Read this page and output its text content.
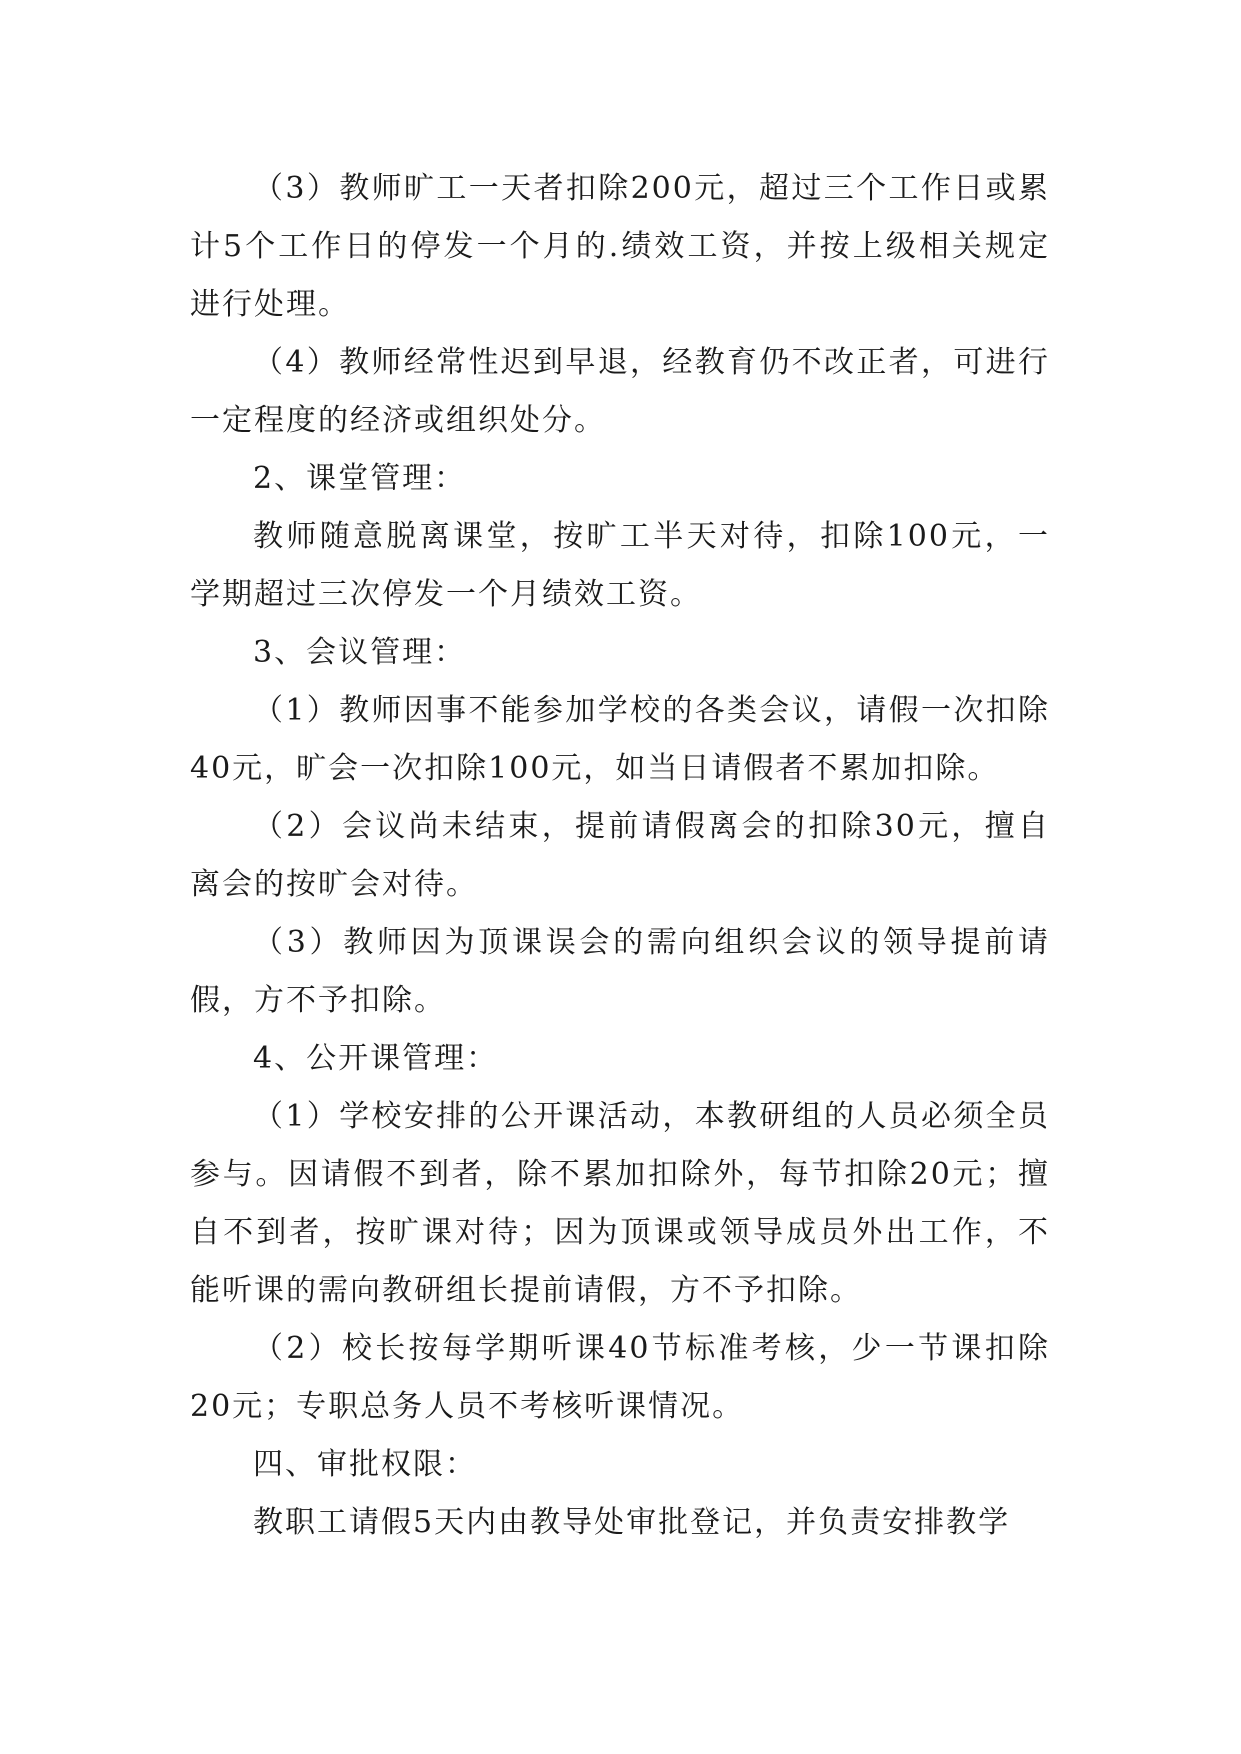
（3）教师旷工一天者扣除200元，超过三个工作日或累计5个工作日的停发一个月的.绩效工资，并按上级相关规定进行处理。

（4）教师经常性迟到早退，经教育仍不改正者，可进行一定程度的经济或组织处分。

2、课堂管理：

教师随意脱离课堂，按旷工半天对待，扣除100元，一学期超过三次停发一个月绩效工资。

3、会议管理：

（1）教师因事不能参加学校的各类会议，请假一次扣除40元，旷会一次扣除100元，如当日请假者不累加扣除。

（2）会议尚未结束，提前请假离会的扣除30元，擅自离会的按旷会对待。

（3）教师因为顶课误会的需向组织会议的领导提前请假，方不予扣除。

4、公开课管理：

（1）学校安排的公开课活动，本教研组的人员必须全员参与。因请假不到者，除不累加扣除外，每节扣除20元；擅自不到者，按旷课对待；因为顶课或领导成员外出工作，不能听课的需向教研组长提前请假，方不予扣除。

（2）校长按每学期听课40节标准考核，少一节课扣除20元；专职总务人员不考核听课情况。

四、审批权限：

教职工请假5天内由教导处审批登记，并负责安排教学
